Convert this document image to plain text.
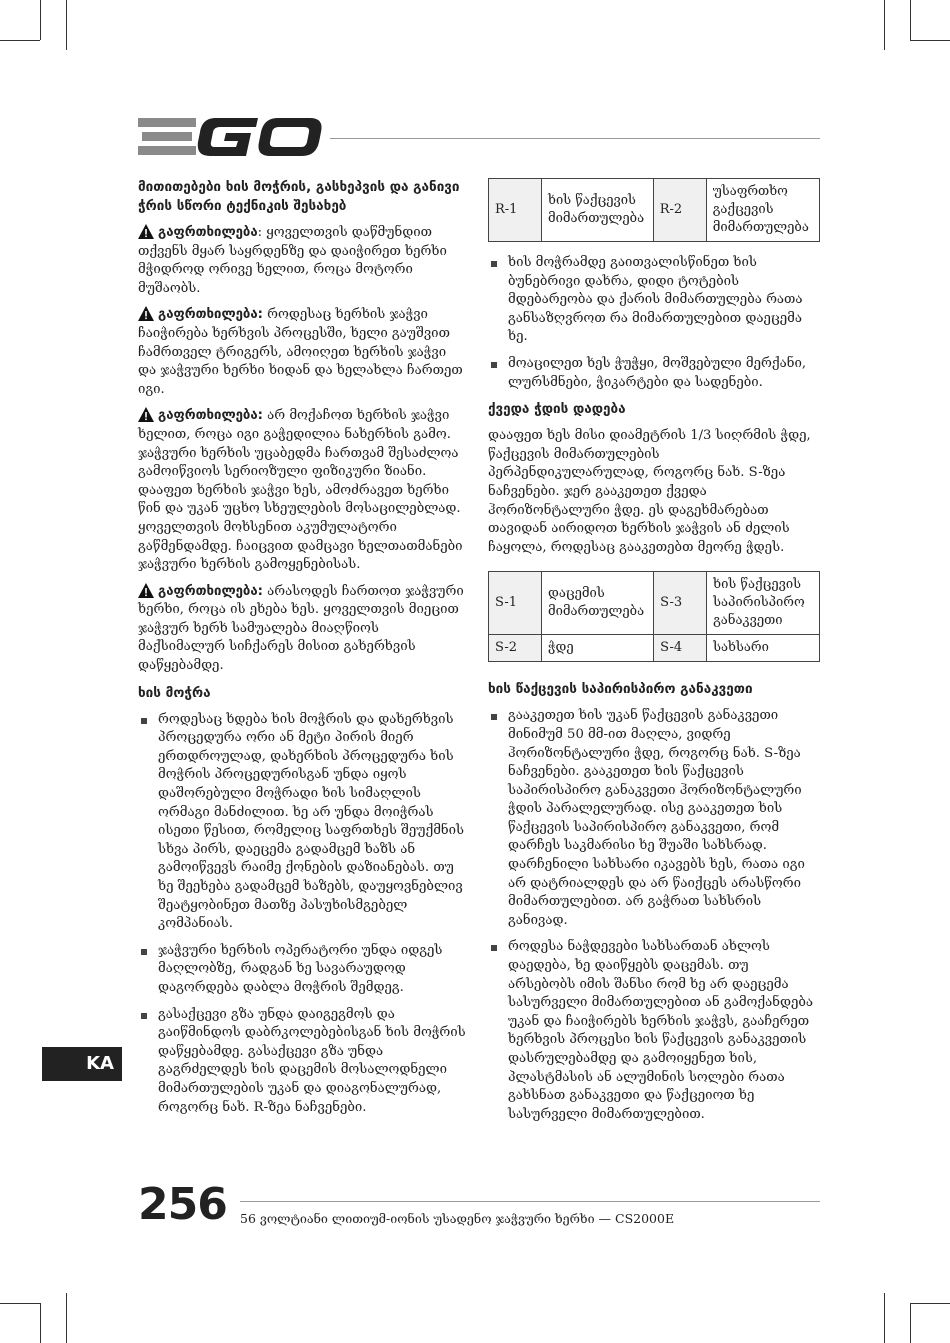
მითითებები ხის მოჭრის, გასხეპვის და განივი ჭრის სწორი ტექნიკის შესახებ

გაფრთხილება: ყოველთვის დაწმუნდით თქვენს მყარ საყრდენზე და დაიჭირეთ ხერხი მჭიდროდ ორივე ხელით, როცა მოტორი მუშაობს.

გაფრთხილება: როდესაც ხერხის ჯაჭვი ჩაიჭირება ხერხვის პროცესში, ხელი გაუშვით ჩამრთველ ტრიგერს, ამოიღეთ ხერხის ჯაჭვი და ჯაჭვური ხერხი ხიდან და ხელახლა ჩართეთ იგი.

გაფრთხილება: არ მოქაჩოთ ხერხის ჯაჭვი ხელით, როცა იგი გაჭედილია ნახერხის გამო. ჯაჭვური ხერხის უცაბედმა ჩართვამ შესაძლოა გამოიწვიოს სერიოზული ფიზიკური ზიანი. დააფეთ ხერხის ჯაჭვი ხეს, ამოძრავეთ ხერხი წინ და უკან უცხო სხეულების მოსაცილებლად. ყოველთვის მოხსენით აკუმულატორი გაწმენდამდე. ჩაიცვით დამცავი ხელთათმანები ჯაჭვური ხერხის გამოყენებისას.

გაფრთხილება: არასოდეს ჩართოთ ჯაჭვური ხერხი, როცა ის ეხება ხეს. ყოველთვის მიეცით ჯაჭვურ ხერხ სამუალება მიაღწიოს მაქსიმალურ სიჩქარეს მისით გახერხვის დაწყებამდე.

ხის მოჭრა
როდესაც ხდება ხის მოჭრის და დახერხვის პროცედურა ორი ან მეტი პირის მიერ ერთდროულად, დახერხის პროცედურა ხის მოჭრის პროცედურისგან უნდა იყოს დაშორებული მოჭრადი ხის სიმაღლის ორმაგი მანძილით. ხე არ უნდა მოიჭრას ისეთი წესით, რომელიც საფრთხეს შეუქმნის სხვა პირს, დაეცემა გადამცემ ხაზს ან გამოიწვევს რაიმე ქონების დაზიანებას. თუ ხე შეეხება გადამცემ ხაზებს, დაუყოვნებლივ შეატყობინეთ მათზე პასუხისმგებელ კომპანიას.
ჯაჭვური ხერხის ოპერატორი უნდა იდგეს მაღლობზე, რადგან ხე სავარაუდოდ დაგორდება დაბლა მოჭრის შემდეგ.
გასაქცევი გზა უნდა დაიგეგმოს და გაიწმინდოს დაბრკოლებებისგან ხის მოჭრის დაწყებამდე. გასაქცევი გზა უნდა გაგრძელდეს ხის დაცემის მოსალოდნელი მიმართულების უკან და დიაგონალურად, როგორც ნახ. R-ზეა ნაჩვენები.
R-1	ხის წაქცევის მიმართულება	R-2	უსაფრთხო გაქცევის მიმართულება
ხის მოჭრამდე გაითვალისწინეთ ხის ბუნებრივი დახრა, დიდი ტოტების მდებარეობა და ქარის მიმართულება რათა განსაზღვროთ რა მიმართულებით დაეცემა ხე.
მოაცილეთ ხეს ჭუჭყი, მოშვებული მერქანი, ლურსმნები, ჭიკარტები და სადენები.
ქვედა ჭდის დადება

დააფეთ ხეს მისი დიამეტრის 1/3 სიღრმის ჭდე, წაქცევის მიმართულების პერპენდიკულარულად, როგორც ნახ. S-ზეა ნაჩვენები. ჯერ გააკეთეთ ქვედა ჰორიზონტალური ჭდე. ეს დაგეხმარებათ თავიდან აირიდოთ ხერხის ჯაჭვის ან ძელის ჩაყოლა, როდესაც გააკეთებთ მეორე ჭდეს.

S-1	დაცემის მიმართულება	S-3	ხის წაქცევის საპირისპირო განაკვეთი
S-2	ჭდე	S-4	სახსარი
ხის წაქცევის საპირისპირო განაკვეთი
გააკეთეთ ხის უკან წაქცევის განაკვეთი მინიმუმ 50 მმ-ით მაღლა, ვიდრე ჰორიზონტალური ჭდე, როგორც ნახ. S-ზეა ნაჩვენები. გააკეთეთ ხის წაქცევის საპირისპირო განაკვეთი ჰორიზონტალური ჭდის პარალელურად. ისე გააკეთეთ ხის წაქცევის საპირისპირო განაკვეთი, რომ დარჩეს საკმარისი ხე შუაში სახსრად. დარჩენილი სახსარი იკავებს ხეს, რათა იგი არ დატრიალდეს და არ წაიქცეს არასწორი მიმართულებით. არ გაჭრათ სახსრის განივად.
როდესა ნაჭდევები სახსართან ახლოს დაედება, ხე დაიწყებს დაცემას. თუ არსებობს იმის შანსი რომ ხე არ დაეცემა სასურველი მიმართულებით ან გამოქანდება უკან და ჩაიჭირებს ხერხის ჯაჭვს, გააჩერეთ ხერხვის პროცესი ხის წაქცევის განაკვეთის დასრულებამდე და გამოიყენეთ ხის, პლასტმასის ან ალუმინის სოლები რათა გახსნათ განაკვეთი და წაქცეიოთ ხე სასურველი მიმართულებით.
KA
256 56 ვოლტიანი ლითიუმ-იონის უსადენო ჯაჭვური ხერხი — CS2000E
